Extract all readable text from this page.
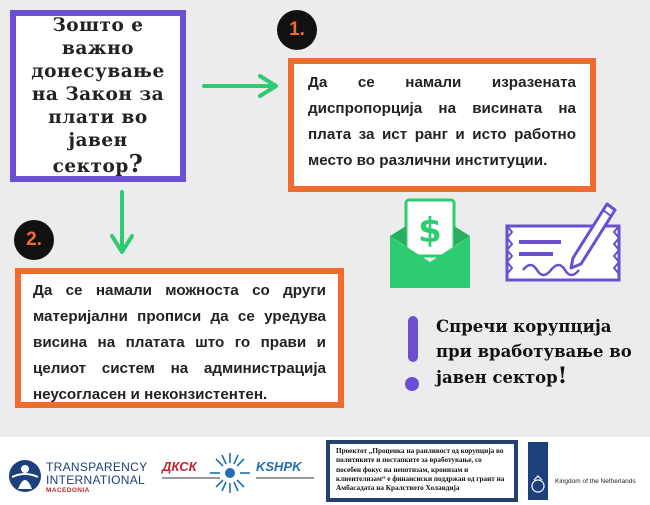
Зошто е важно донесување на Закон за плати во јавен сектор?
1.
Да се намали изразената диспропорција на висината на плата за ист ранг и исто работно место во различни институции.
2.
Да се намали можноста со други материјални прописи да се уредува висина на платата што го прави и целиот систем на администрација неусогласен и неконзистентен.
$
Спречи корупција при вработување во јавен сектор!
TRANSPARENCY
INTERNATIONAL
MACEDONIA
ДКСК	KSHPK
Проектот „Проценка на ранливост од корупција во политиките и постапките за вработување, со посебен фокус на непотизам, кронизам и клиентелизам“ е финансиски поддржан од грант на Амбасадата на Кралството Холандија
Kingdom of the Netherlands
